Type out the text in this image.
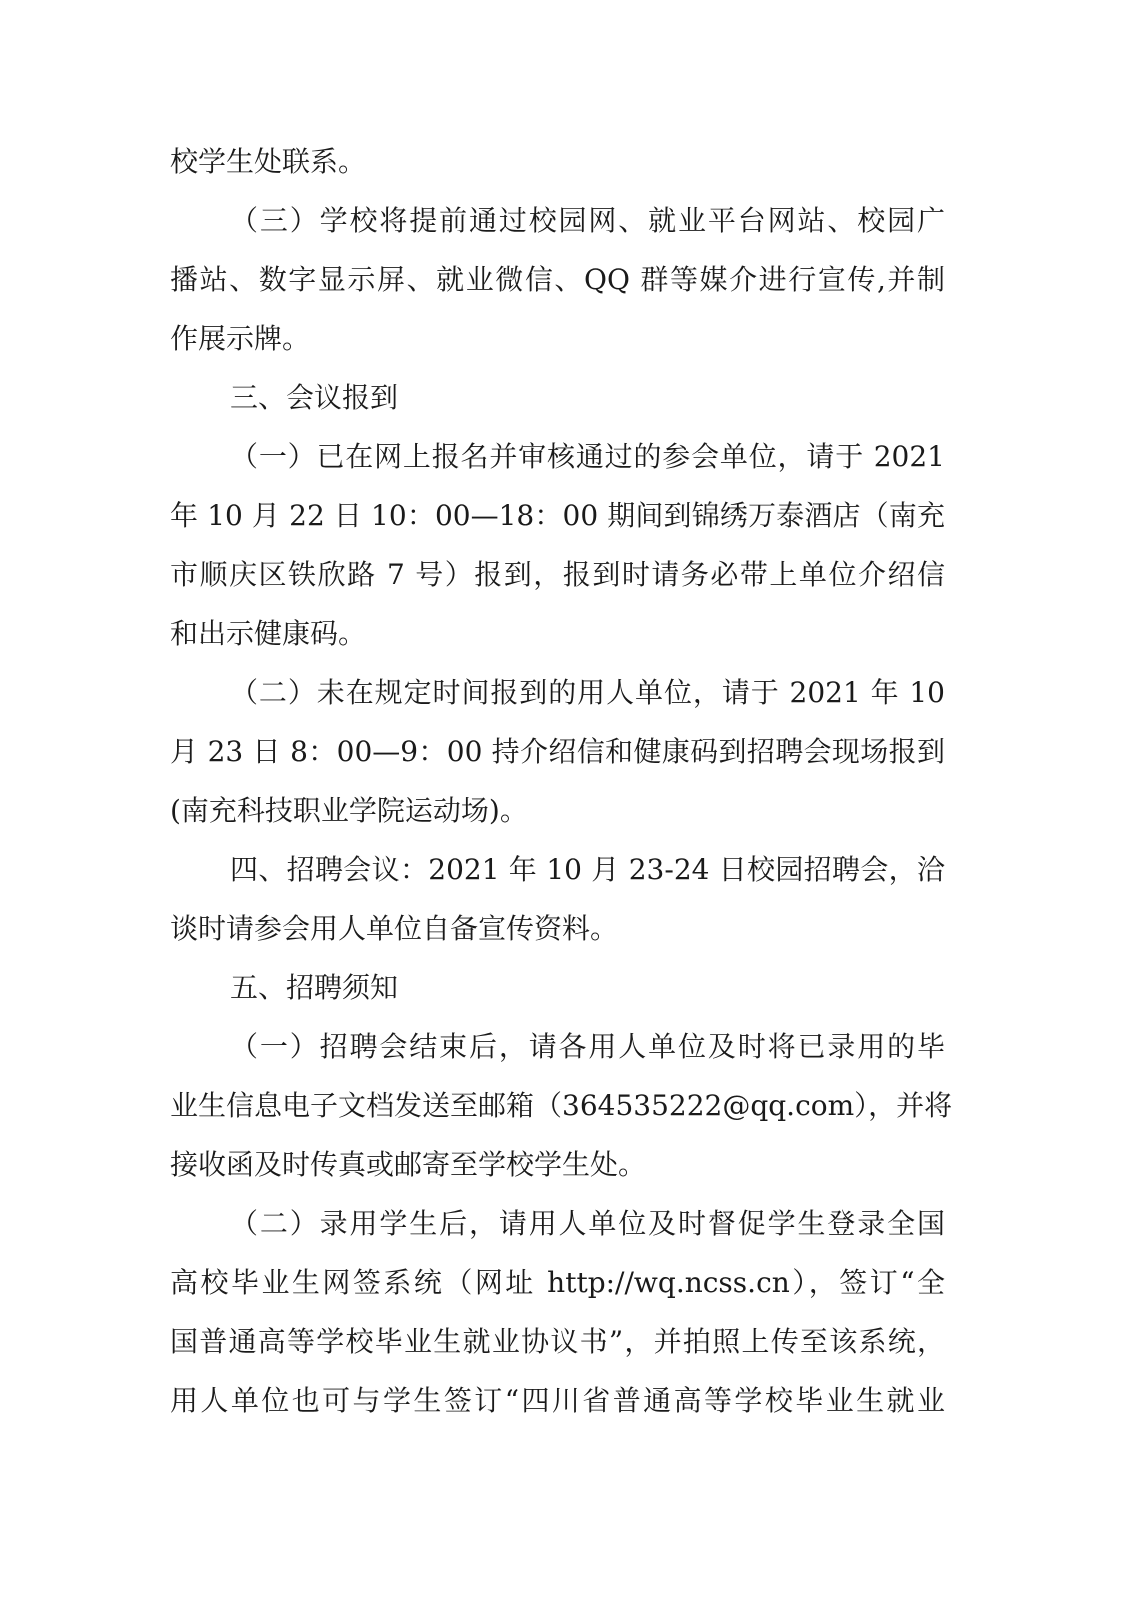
校学生处联系。
（三）学校将提前通过校园网、就业平台网站、校园广
播站、数字显示屏、就业微信、QQ 群等媒介进行宣传,并制
作展示牌。
三、会议报到
（一）已在网上报名并审核通过的参会单位，请于 2021
年 10 月 22 日 10：00—18：00 期间到锦绣万泰酒店（南充
市顺庆区铁欣路 7 号）报到，报到时请务必带上单位介绍信
和出示健康码。
（二）未在规定时间报到的用人单位，请于 2021 年 10
月 23 日 8：00—9：00 持介绍信和健康码到招聘会现场报到
(南充科技职业学院运动场)。
四、招聘会议：2021 年 10 月 23-24 日校园招聘会，洽
谈时请参会用人单位自备宣传资料。
五、招聘须知
（一）招聘会结束后，请各用人单位及时将已录用的毕
业生信息电子文档发送至邮箱（364535222@qq.com），并将
接收函及时传真或邮寄至学校学生处。
（二）录用学生后，请用人单位及时督促学生登录全国
高校毕业生网签系统（网址 http://wq.ncss.cn），签订“全
国普通高等学校毕业生就业协议书”，并拍照上传至该系统，
用人单位也可与学生签订“四川省普通高等学校毕业生就业
